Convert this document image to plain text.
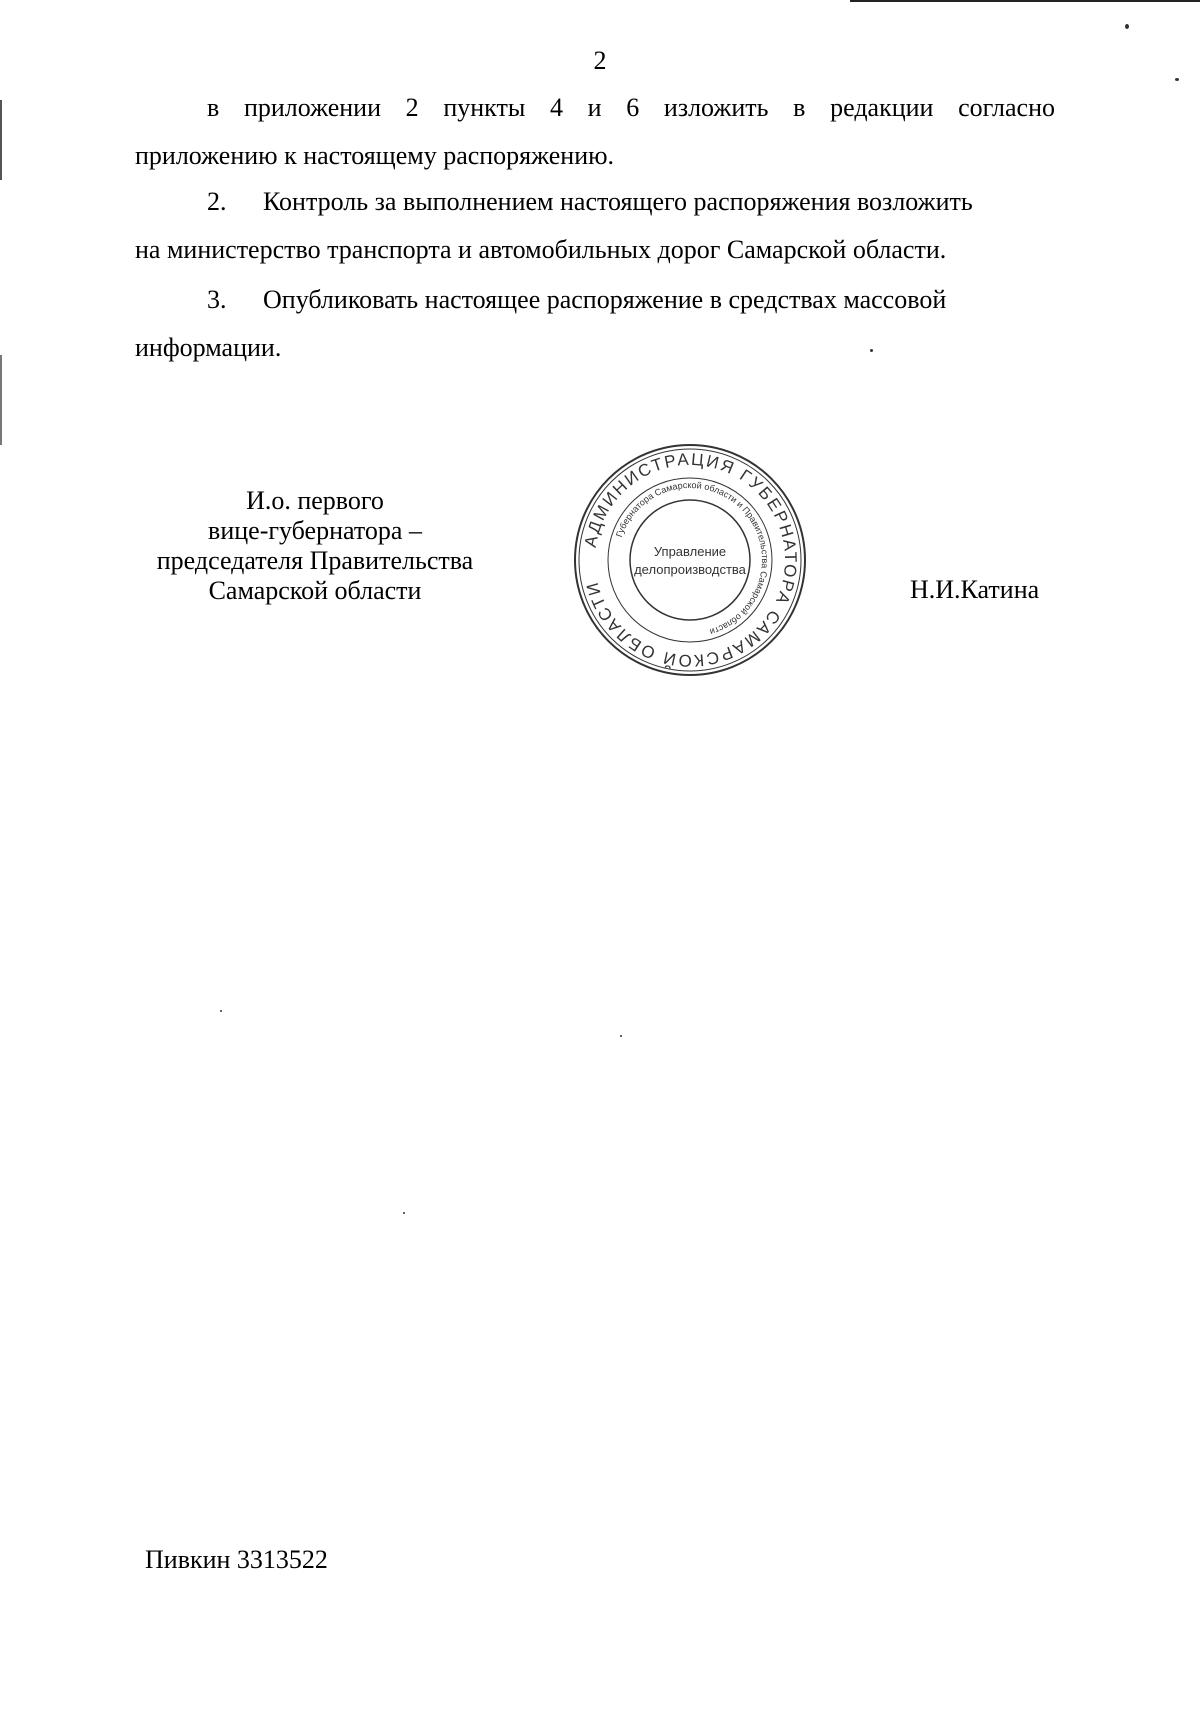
2
в приложении 2 пункты 4 и 6 изложить в редакции согласно
приложению к настоящему распоряжению.
2. Контроль за выполнением настоящего распоряжения возложить
на министерство транспорта и автомобильных дорог Самарской области.
3. Опубликовать настоящее распоряжение в средствах массовой
информации.
И.о. первого
вице-губернатора –
председателя Правительства
Самарской области
АДМИНИСТРАЦИЯ ГУБЕРНАТОРА САМАРСКОЙ ОБЛАСТИ
Губернатора Самарской области и Правительства Самарской области
Управление
делопроизводства
Н.И.Катина
Пивкин 3313522
